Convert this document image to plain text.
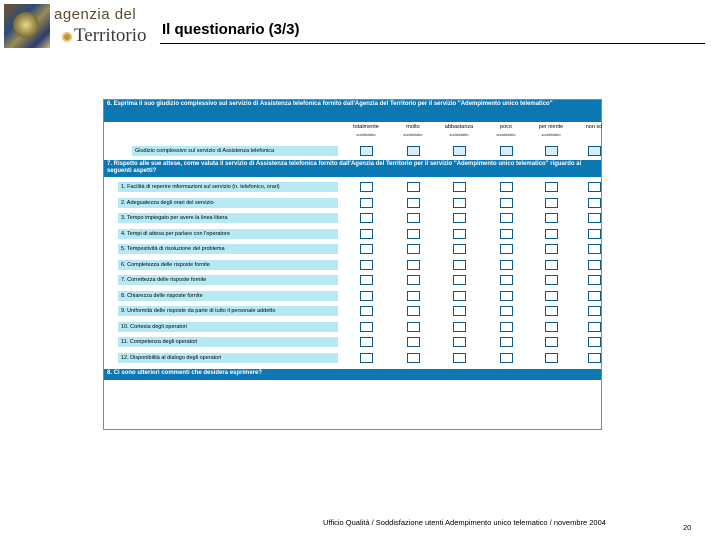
agenzia del
Territorio Il questionario (3/3)
6. Esprima il suo giudizio complessivo sul servizio di Assistenza telefonica fornito dall'Agenzia del Territorio per il servizio "Adempimento unico telematico"
totalmente
soddisfatto
molto
soddisfatto
abbastanza
soddisfatto
poco
soddisfatto
per niente
soddisfatto
non so
Giudizio complessivo sul servizio di Assistenza telefonica
7. Rispetto alle sue attese, come valuta il servizio di Assistenza telefonica fornito dall'Agenzia del Territorio per il servizio "Adempimento unico telematico" riguardo ai seguenti aspetti?
1. Facilità di reperire informazioni sul servizio (n. telefonico, orari)
2. Adeguatezza degli orari del servizio
3. Tempo impiegato per avere la linea libera
4. Tempi di attesa per parlare con l'operatore
5. Tempestività di risoluzione del problema
6. Completezza delle risposte fornite
7. Correttezza delle risposte fornite
8. Chiarezza delle risposte fornite
9. Uniformità delle risposte da parte di tutto il personale addetto
10. Cortesia degli operatori
11. Competenza degli operatori
12. Disponibilità al dialogo degli operatori
8. Ci sono ulteriori commenti che desidera esprimere?
Ufficio Qualità / Soddisfazione utenti Adempimento unico telematico / novembre 2004
20
